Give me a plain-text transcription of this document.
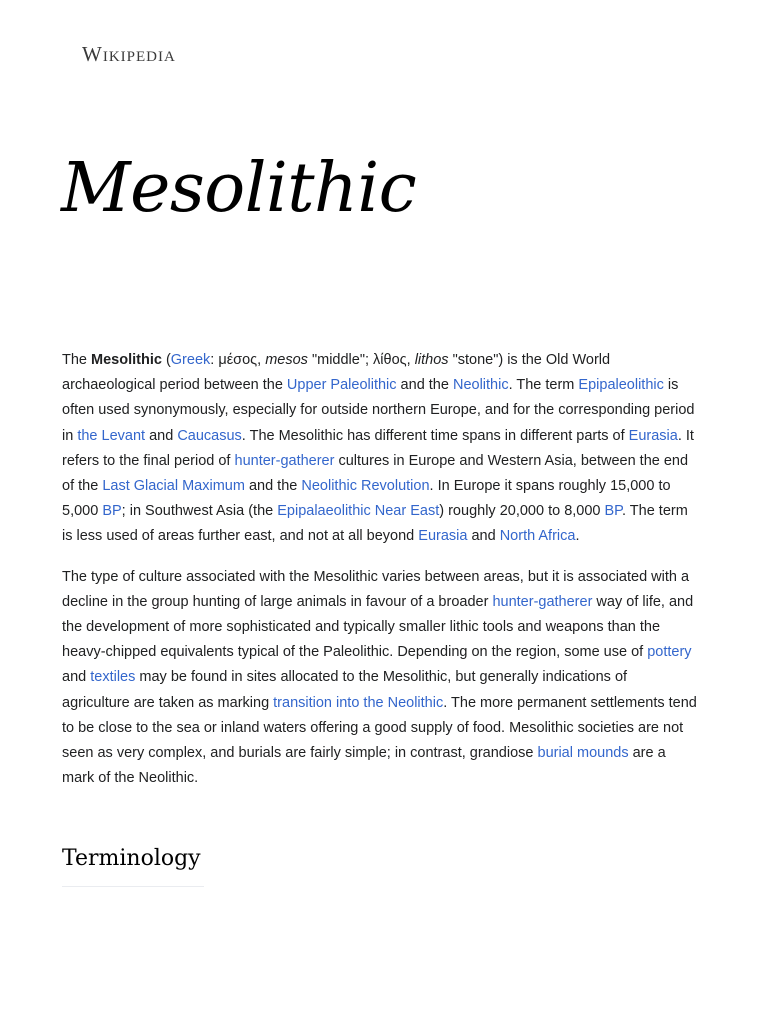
Wikipedia
Mesolithic

The Mesolithic (Greek: μέσος, mesos "middle"; λίθος, lithos "stone") is the Old World archaeological period between the Upper Paleolithic and the Neolithic. The term Epipaleolithic is often used synonymously, especially for outside northern Europe, and for the corresponding period in the Levant and Caucasus. The Mesolithic has different time spans in different parts of Eurasia. It refers to the final period of hunter-gatherer cultures in Europe and Western Asia, between the end of the Last Glacial Maximum and the Neolithic Revolution. In Europe it spans roughly 15,000 to 5,000 BP; in Southwest Asia (the Epipalaeolithic Near East) roughly 20,000 to 8,000 BP. The term is less used of areas further east, and not at all beyond Eurasia and North Africa.

The type of culture associated with the Mesolithic varies between areas, but it is associated with a decline in the group hunting of large animals in favour of a broader hunter-gatherer way of life, and the development of more sophisticated and typically smaller lithic tools and weapons than the heavy-chipped equivalents typical of the Paleolithic. Depending on the region, some use of pottery and textiles may be found in sites allocated to the Mesolithic, but generally indications of agriculture are taken as marking transition into the Neolithic. The more permanent settlements tend to be close to the sea or inland waters offering a good supply of food. Mesolithic societies are not seen as very complex, and burials are fairly simple; in contrast, grandiose burial mounds are a mark of the Neolithic.

Terminology
